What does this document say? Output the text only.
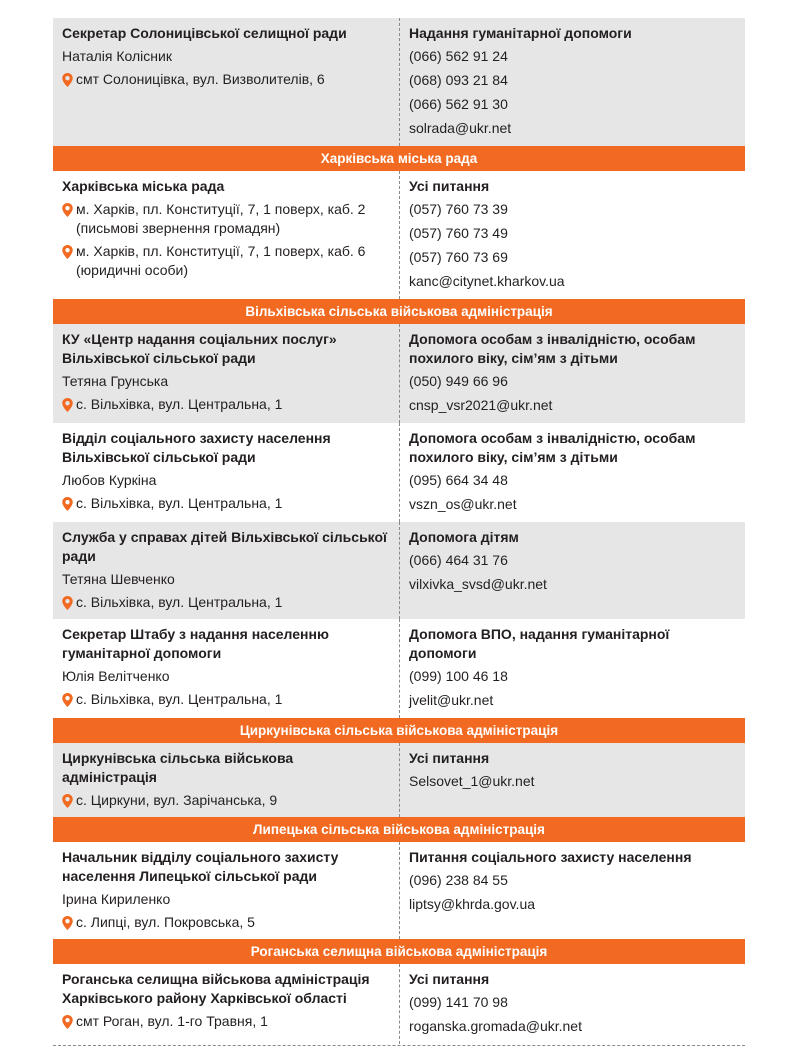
Секретар Солоницівської селищної ради
Наталія Колісник
смт Солоницівка, вул. Визволителів, 6
Надання гуманітарної допомоги
(066) 562 91 24
(068) 093 21 84
(066) 562 91 30
solrada@ukr.net
Харківська міська рада
Харківська міська рада
м. Харків, пл. Конституції, 7, 1 поверх, каб. 2 (письмові звернення громадян)
м. Харків, пл. Конституції, 7, 1 поверх, каб. 6 (юридичні особи)
Усі питання
(057) 760 73 39
(057) 760 73 49
(057) 760 73 69
kanc@citynet.kharkov.ua
Вільхівська сільська військова адміністрація
КУ «Центр надання соціальних послуг» Вільхівської сільської ради
Тетяна Грунська
с. Вільхівка, вул. Центральна, 1
Допомога особам з інвалідністю, особам похилого віку, сім’ям з дітьми
(050) 949 66 96
cnsp_vsr2021@ukr.net
Відділ соціального захисту населення Вільхівської сільської ради
Любов Куркіна
с. Вільхівка, вул. Центральна, 1
Допомога особам з інвалідністю, особам похилого віку, сім’ям з дітьми
(095) 664 34 48
vszn_os@ukr.net
Служба у справах дітей Вільхівської сільської ради
Тетяна Шевченко
с. Вільхівка, вул. Центральна, 1
Допомога дітям
(066) 464 31 76
vilxivka_svsd@ukr.net
Секретар Штабу з надання населенню гуманітарної допомоги
Юлія Велітченко
с. Вільхівка, вул. Центральна, 1
Допомога ВПО, надання гуманітарної допомоги
(099) 100 46 18
jvelit@ukr.net
Циркунівська сільська військова адміністрація
Циркунівська сільська військова адміністрація
с. Циркуни, вул. Зарічанська, 9
Усі питання
Selsovet_1@ukr.net
Липецька сільська військова адміністрація
Начальник відділу соціального захисту населення Липецької сільської ради
Ірина Кириленко
с. Липці, вул. Покровська, 5
Питання соціального захисту населення
(096) 238 84 55
liptsy@khrda.gov.ua
Роганська селищна військова адміністрація
Роганська селищна військова адміністрація Харківського району Харківської області
смт Роган, вул. 1-го Травня, 1
Усі питання
(099) 141 70 98
roganska.gromada@ukr.net
